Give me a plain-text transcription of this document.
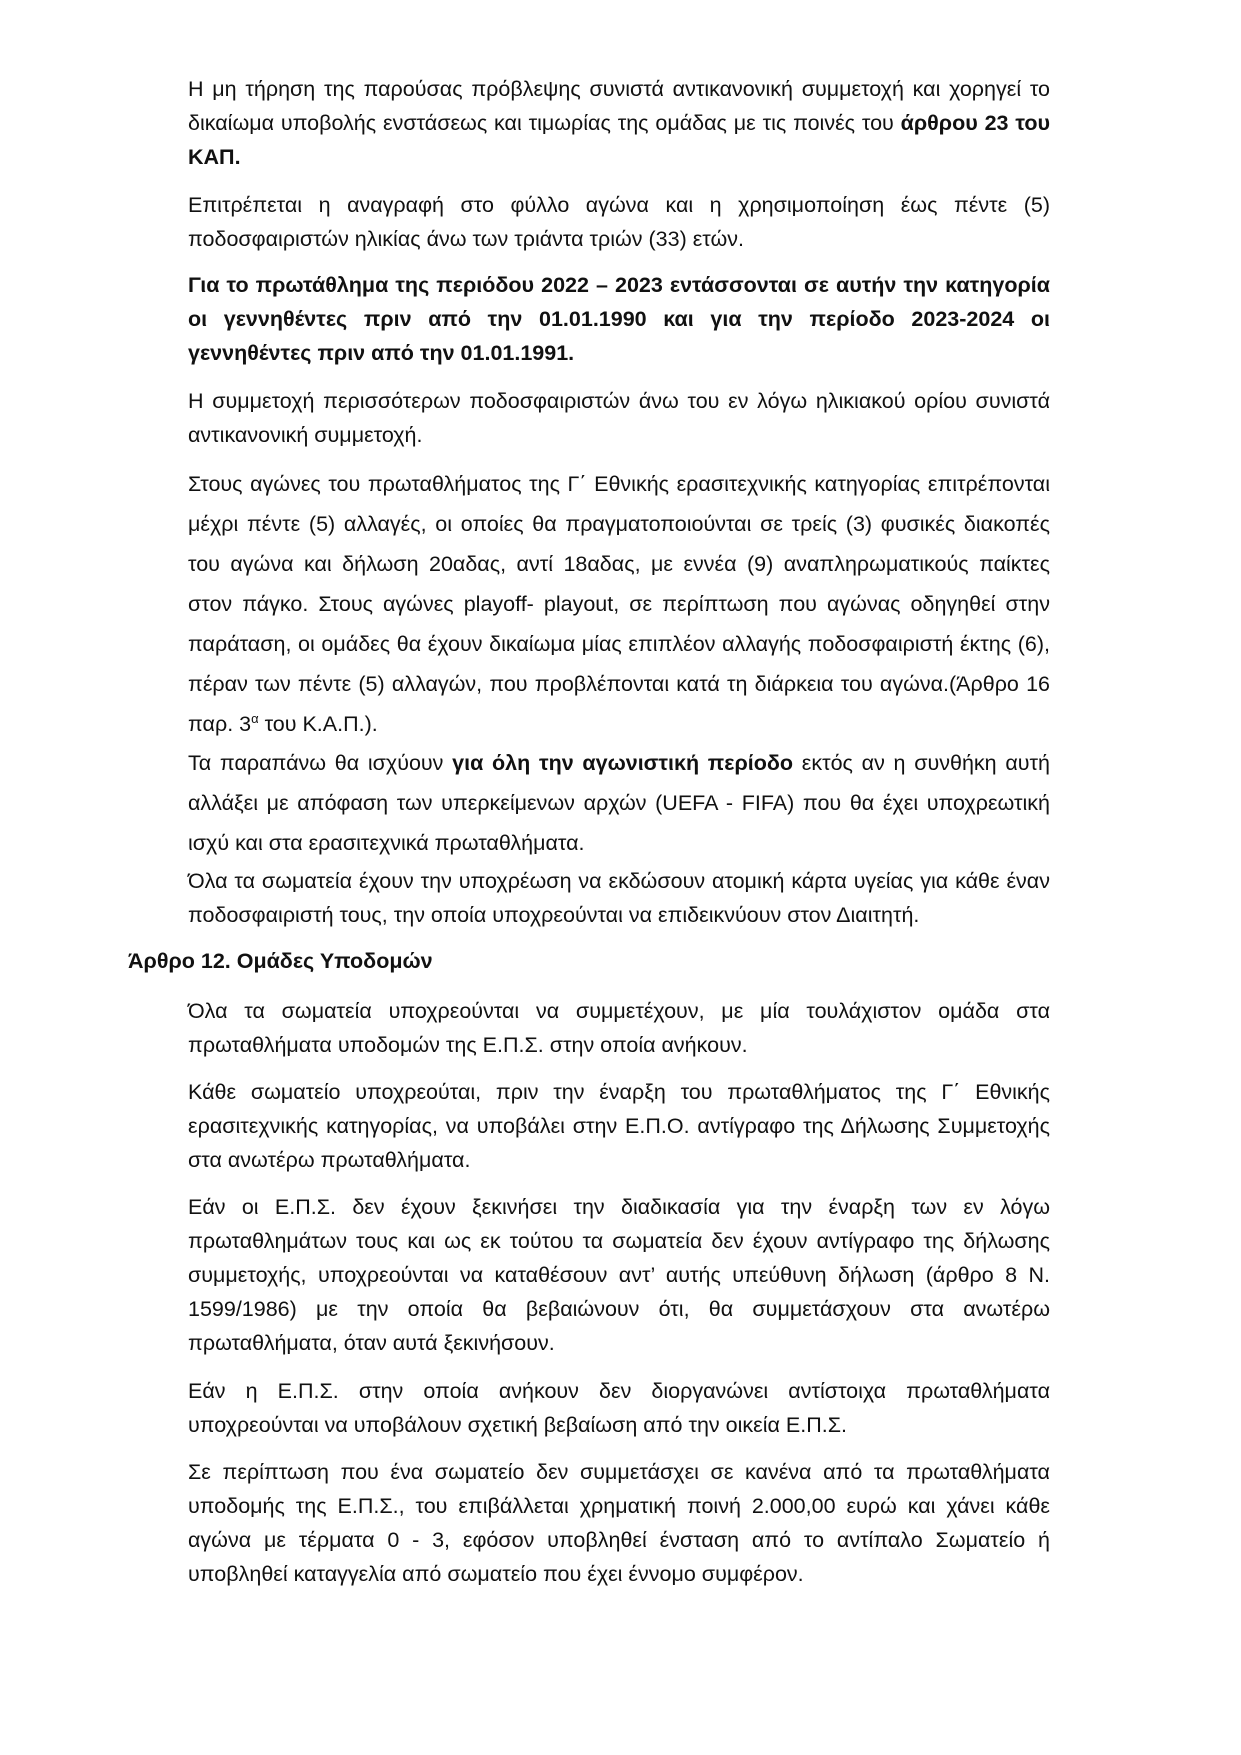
Η μη τήρηση της παρούσας πρόβλεψης συνιστά αντικανονική συμμετοχή και χορηγεί το δικαίωμα υποβολής ενστάσεως και τιμωρίας της ομάδας με τις ποινές του άρθρου 23 του ΚΑΠ.

Επιτρέπεται η αναγραφή στο φύλλο αγώνα και η χρησιμοποίηση έως πέντε (5) ποδοσφαιριστών ηλικίας άνω των τριάντα τριών (33) ετών.

Για το πρωτάθλημα της περιόδου 2022 – 2023 εντάσσονται σε αυτήν την κατηγορία οι γεννηθέντες πριν από την 01.01.1990 και για την περίοδο 2023-2024 οι γεννηθέντες πριν από την 01.01.1991.

Η συμμετοχή περισσότερων ποδοσφαιριστών άνω του εν λόγω ηλικιακού ορίου συνιστά αντικανονική συμμετοχή.

Στους αγώνες του πρωταθλήματος της Γ΄ Εθνικής ερασιτεχνικής κατηγορίας επιτρέπονται μέχρι πέντε (5) αλλαγές, οι οποίες θα πραγματοποιούνται σε τρείς (3) φυσικές διακοπές του αγώνα και δήλωση 20αδας, αντί 18αδας, με εννέα (9) αναπληρωματικούς παίκτες στον πάγκο. Στους αγώνες playoff- playout, σε περίπτωση που αγώνας οδηγηθεί στην παράταση, οι ομάδες θα έχουν δικαίωμα μίας επιπλέον αλλαγής ποδοσφαιριστή έκτης (6), πέραν των πέντε (5) αλλαγών, που προβλέπονται κατά τη διάρκεια του αγώνα.(Άρθρο 16 παρ. $3^\alpha$ του Κ.Α.Π.).

Τα παραπάνω θα ισχύουν για όλη την αγωνιστική περίοδο εκτός αν η συνθήκη αυτή αλλάξει με απόφαση των υπερκείμενων αρχών (UEFA - FIFA) που θα έχει υποχρεωτική ισχύ και στα ερασιτεχνικά πρωταθλήματα.

Όλα τα σωματεία έχουν την υποχρέωση να εκδώσουν ατομική κάρτα υγείας για κάθε έναν ποδοσφαιριστή τους, την οποία υποχρεούνται να επιδεικνύουν στον Διαιτητή.

Άρθρο 12. Ομάδες Υποδομών

Όλα τα σωματεία υποχρεούνται να συμμετέχουν, με μία τουλάχιστον ομάδα στα πρωταθλήματα υποδομών της Ε.Π.Σ. στην οποία ανήκουν.

Κάθε σωματείο υποχρεούται, πριν την έναρξη του πρωταθλήματος της Γ΄ Εθνικής ερασιτεχνικής κατηγορίας, να υποβάλει στην Ε.Π.Ο. αντίγραφο της Δήλωσης Συμμετοχής στα ανωτέρω πρωταθλήματα.

Εάν οι Ε.Π.Σ. δεν έχουν ξεκινήσει την διαδικασία για την έναρξη των εν λόγω πρωταθλημάτων τους και ως εκ τούτου τα σωματεία δεν έχουν αντίγραφο της δήλωσης συμμετοχής, υποχρεούνται να καταθέσουν αντ’ αυτής υπεύθυνη δήλωση (άρθρο 8 Ν. 1599/1986) με την οποία θα βεβαιώνουν ότι, θα συμμετάσχουν στα ανωτέρω πρωταθλήματα, όταν αυτά ξεκινήσουν.

Εάν η Ε.Π.Σ. στην οποία ανήκουν δεν διοργανώνει αντίστοιχα πρωταθλήματα υποχρεούνται να υποβάλουν σχετική βεβαίωση από την οικεία Ε.Π.Σ.

Σε περίπτωση που ένα σωματείο δεν συμμετάσχει σε κανένα από τα πρωταθλήματα υποδομής της Ε.Π.Σ., του επιβάλλεται χρηματική ποινή 2.000,00 ευρώ και χάνει κάθε αγώνα με τέρματα 0 - 3, εφόσον υποβληθεί ένσταση από το αντίπαλο Σωματείο ή υποβληθεί καταγγελία από σωματείο που έχει έννομο συμφέρον.
